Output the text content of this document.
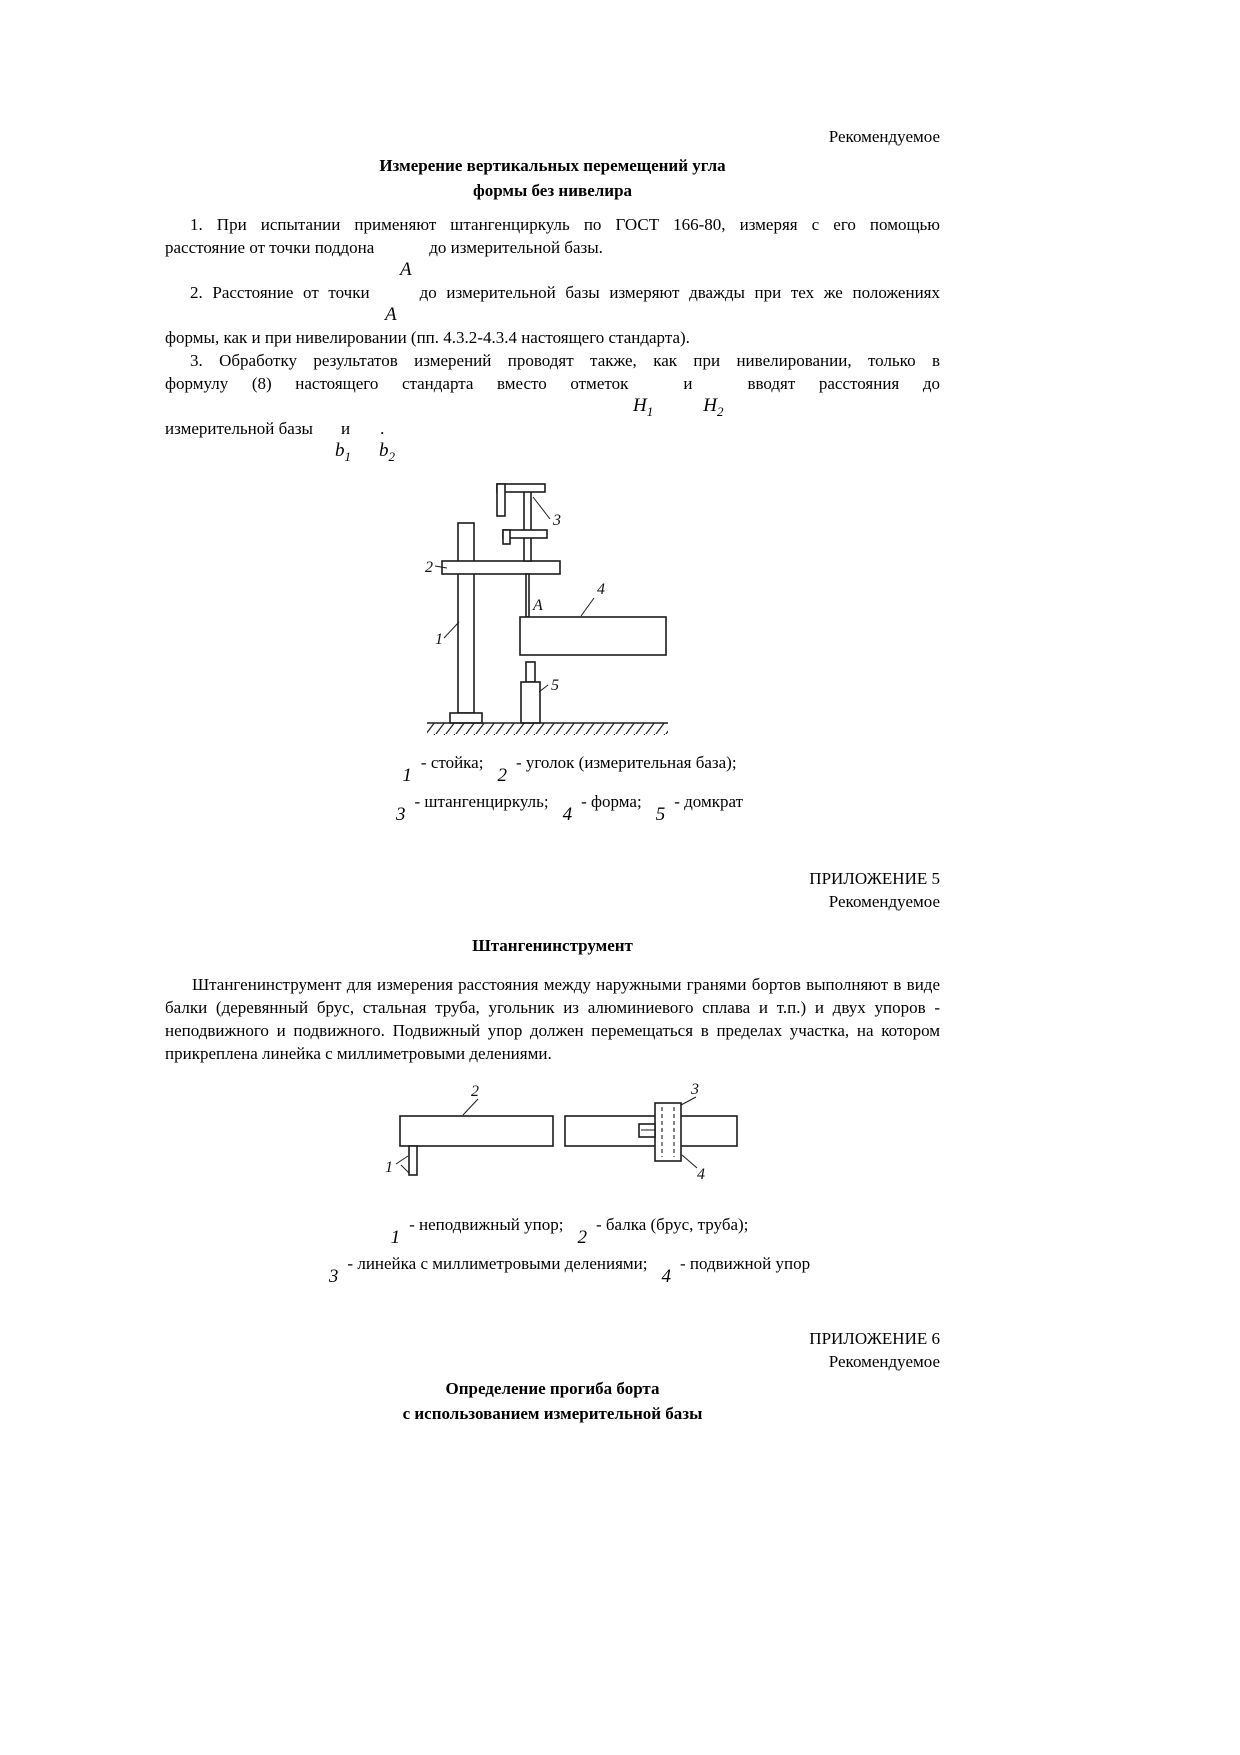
Рекомендуемое
Измерение вертикальных перемещений угла
формы без нивелира
1. При испытании применяют штангенциркуль по ГОСТ 166-80, измеряя с его помощью
расстояние от точки поддона	до измерительной базы.
А
2. Расстояние от точки	до измерительной базы измеряют дважды при тех же положениях
А
формы, как и при нивелировании (пп. 4.3.2-4.3.4 настоящего стандарта).
3. Обработку результатов измерений проводят также, как при нивелировании, только в
формулу (8) настоящего стандарта вместо отметок	и	вводят расстояния до
$Н_1$	$Н_2$
измерительной базы и .
$b_1$ $b_2$
2
3
4
1
5
А
1- стойка;2- уголок (измерительная база);
3- штангенциркуль;4- форма;5- домкрат
ПРИЛОЖЕНИЕ 5
Рекомендуемое
Штангенинструмент
Штангенинструмент для измерения расстояния между наружными гранями бортов выполняют в виде балки (деревянный брус, стальная труба, угольник из алюминиевого сплава и т.п.) и двух упоров - неподвижного и подвижного. Подвижный упор должен перемещаться в пределах участка, на котором прикреплена линейка с миллиметровыми делениями.
2	3
1	4
1- неподвижный упор;2- балка (брус, труба);
3- линейка с миллиметровыми делениями;4- подвижной упор
ПРИЛОЖЕНИЕ 6
Рекомендуемое
Определение прогиба борта
с использованием измерительной базы
